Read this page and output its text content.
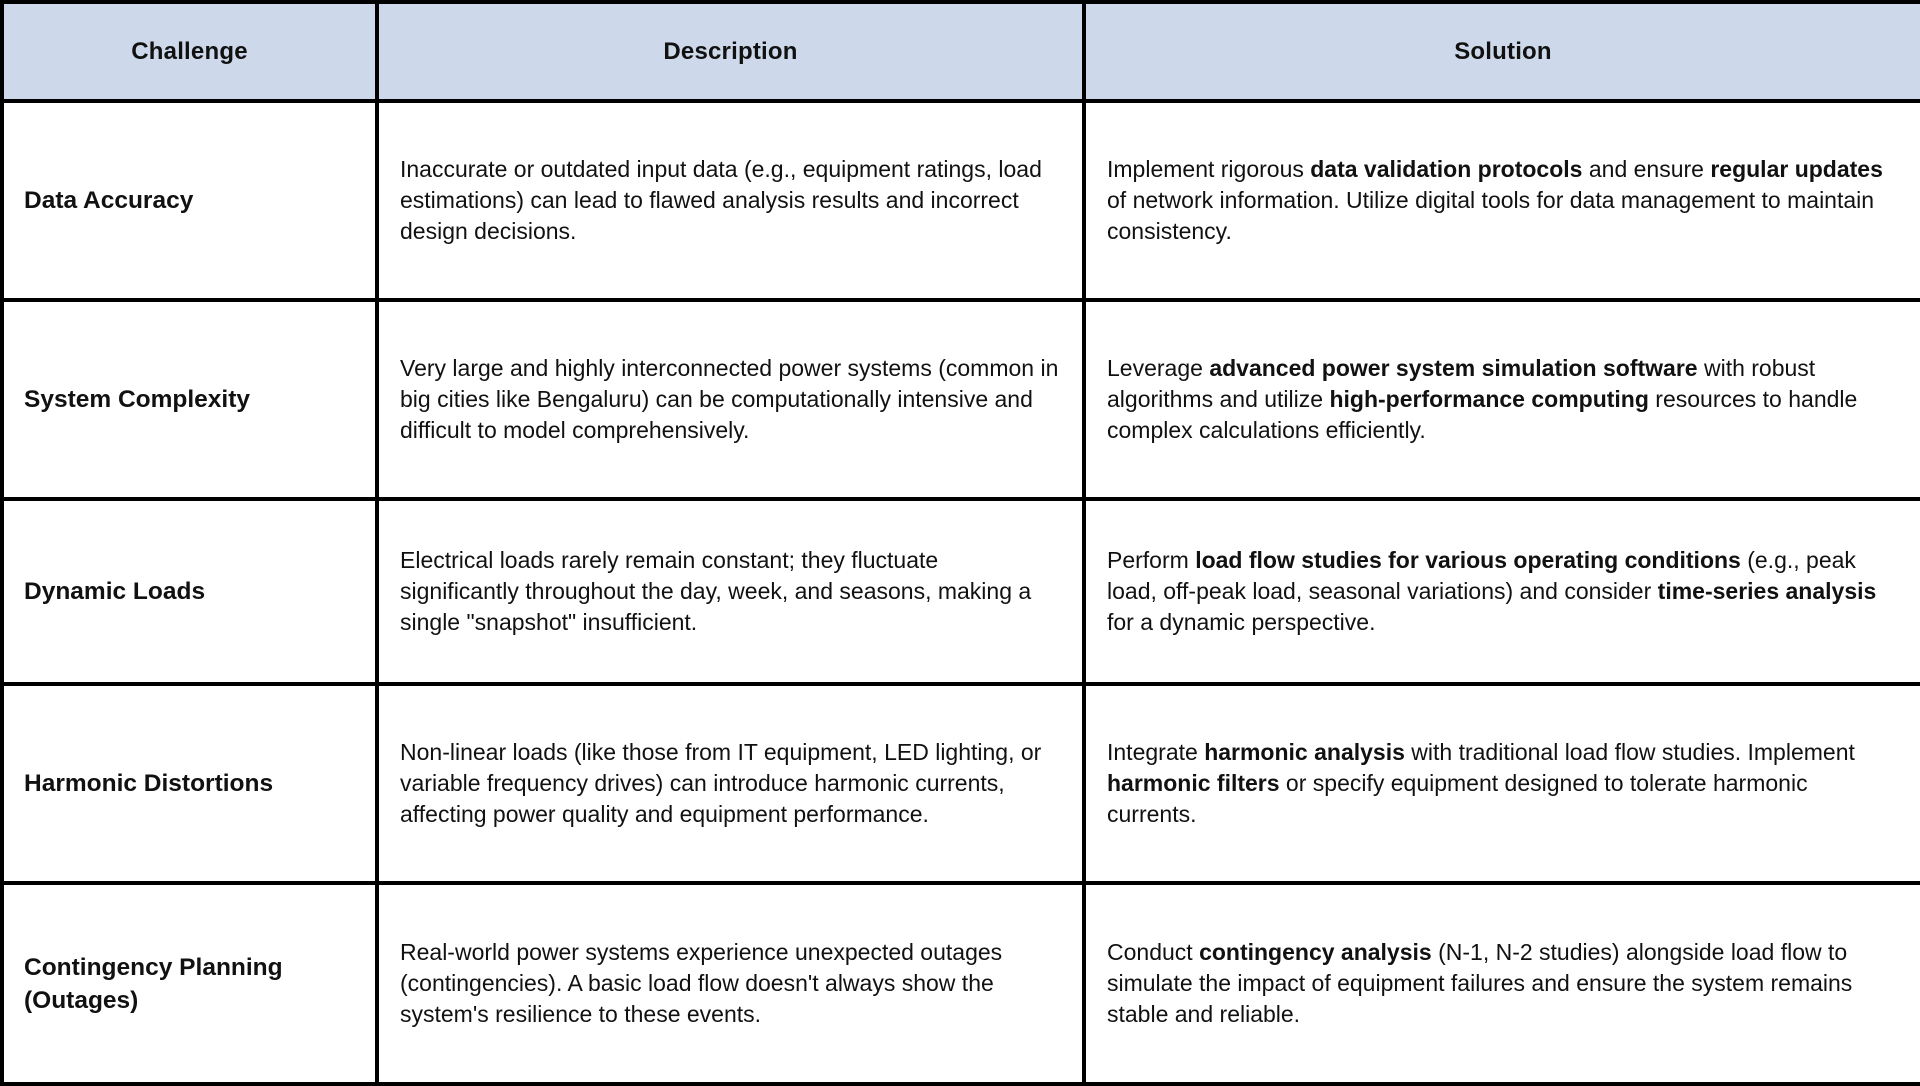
Challenge	Description	Solution
Data Accuracy	Inaccurate or outdated input data (e.g., equipment ratings, load estimations) can lead to flawed analysis results and incorrect design decisions.	Implement rigorous data validation protocols and ensure regular updates of network information. Utilize digital tools for data management to maintain consistency.
System Complexity	Very large and highly interconnected power systems (common in big cities like Bengaluru) can be computationally intensive and difficult to model comprehensively.	Leverage advanced power system simulation software with robust algorithms and utilize high-performance computing resources to handle complex calculations efficiently.
Dynamic Loads	Electrical loads rarely remain constant; they fluctuate significantly throughout the day, week, and seasons, making a single "snapshot" insufficient.	Perform load flow studies for various operating conditions (e.g., peak load, off-peak load, seasonal variations) and consider time-series analysis for a dynamic perspective.
Harmonic Distortions	Non-linear loads (like those from IT equipment, LED lighting, or variable frequency drives) can introduce harmonic currents, affecting power quality and equipment performance.	Integrate harmonic analysis with traditional load flow studies. Implement harmonic filters or specify equipment designed to tolerate harmonic currents.
Contingency Planning (Outages)	Real-world power systems experience unexpected outages (contingencies). A basic load flow doesn't always show the system's resilience to these events.	Conduct contingency analysis (N-1, N-2 studies) alongside load flow to simulate the impact of equipment failures and ensure the system remains stable and reliable.
